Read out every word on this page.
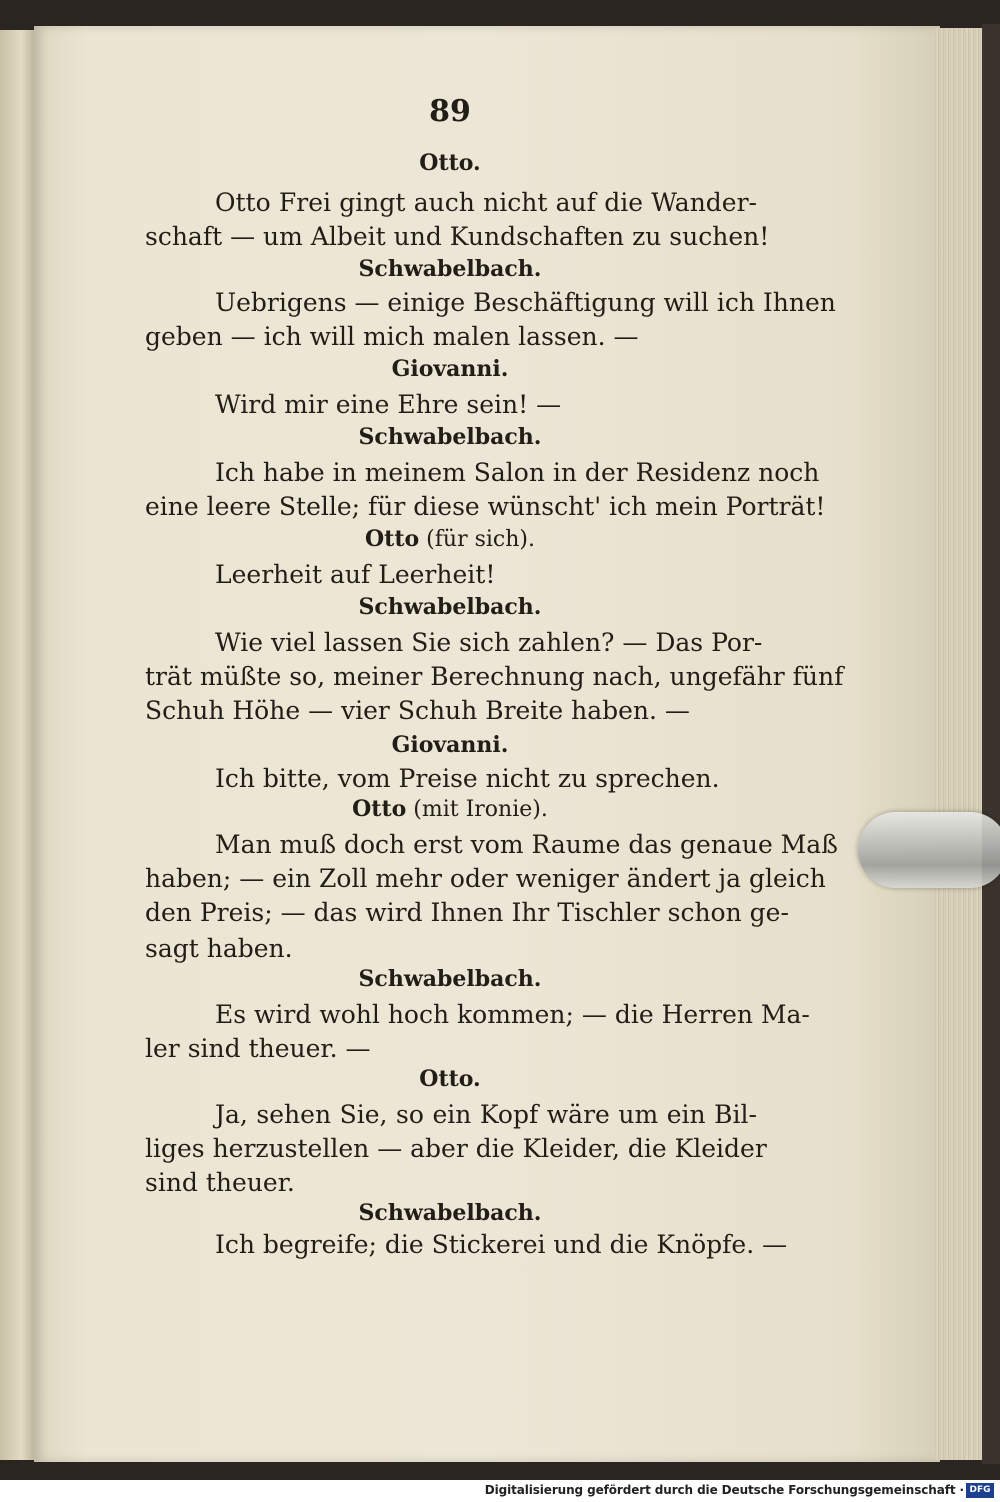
89
Otto.
Otto Frei gingt auch nicht auf die Wander-
schaft — um Albeit und Kundschaften zu suchen!
Schwabelbach.
Uebrigens — einige Beschäftigung will ich Ihnen
geben — ich will mich malen lassen. —
Giovanni.
Wird mir eine Ehre sein! —
Schwabelbach.
Ich habe in meinem Salon in der Residenz noch
eine leere Stelle; für diese wünscht' ich mein Porträt!
Otto (für sich).
Leerheit auf Leerheit!
Schwabelbach.
Wie viel lassen Sie sich zahlen? — Das Por-
trät müßte so, meiner Berechnung nach, ungefähr fünf
Schuh Höhe — vier Schuh Breite haben. —
Giovanni.
Ich bitte, vom Preise nicht zu sprechen.
Otto (mit Ironie).
Man muß doch erst vom Raume das genaue Maß
haben; — ein Zoll mehr oder weniger ändert ja gleich
den Preis; — das wird Ihnen Ihr Tischler schon ge-
sagt haben.
Schwabelbach.
Es wird wohl hoch kommen; — die Herren Ma-
ler sind theuer. —
Otto.
Ja, sehen Sie, so ein Kopf wäre um ein Bil-
liges herzustellen — aber die Kleider, die Kleider
sind theuer.
Schwabelbach.
Ich begreife; die Stickerei und die Knöpfe. —
Digitalisierung gefördert durch die Deutsche Forschungsgemeinschaft · DFG
